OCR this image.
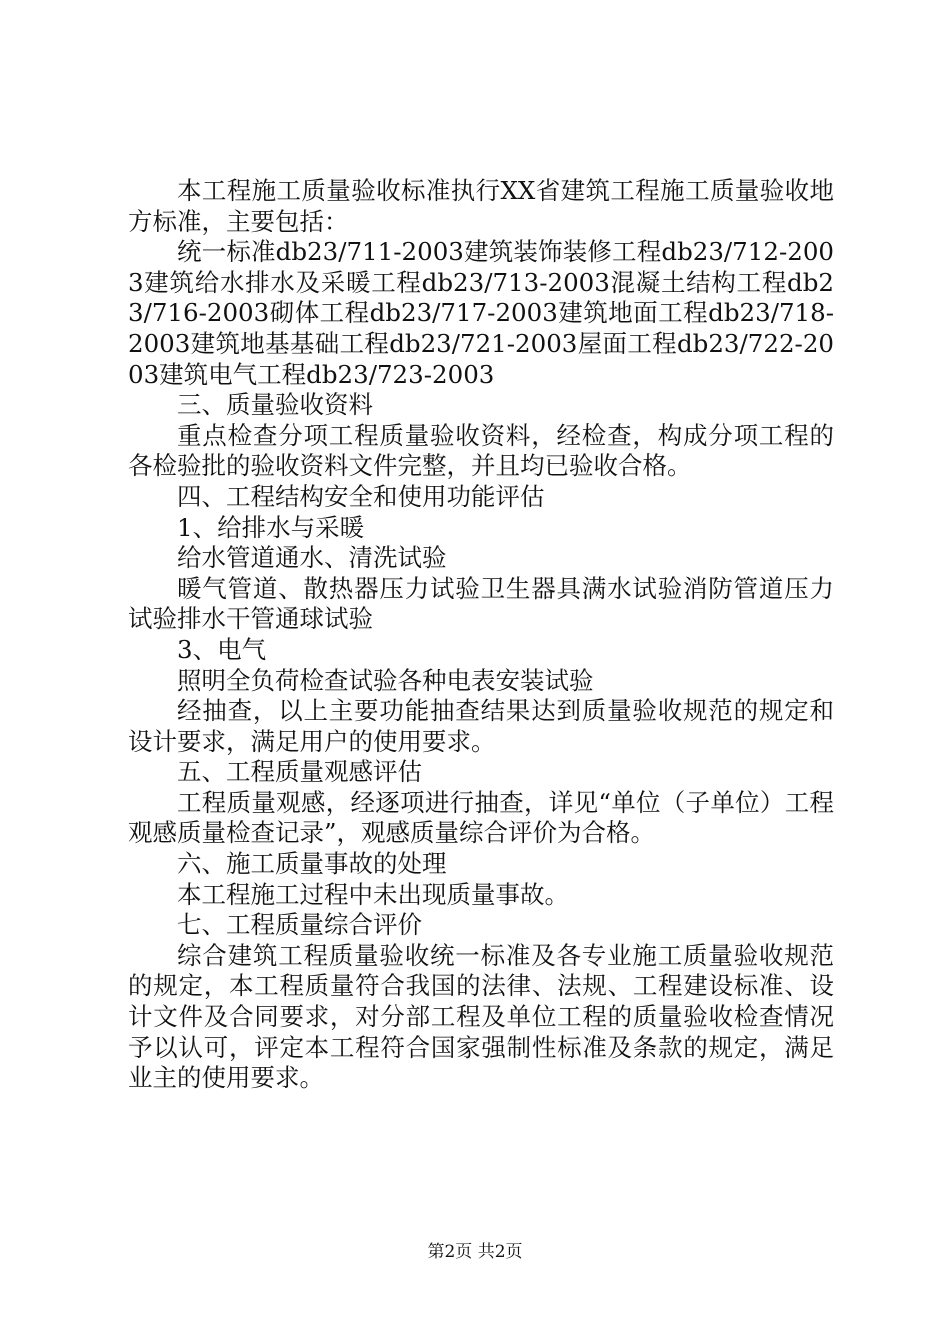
本工程施工质量验收标准执行XX省建筑工程施工质量验收地方标准，主要包括：

统一标准db23/711-2003建筑装饰装修工程db23/712-2003建筑给水排水及采暖工程db23/713-2003混凝土结构工程db23/716-2003砌体工程db23/717-2003建筑地面工程db23/718-2003建筑地基基础工程db23/721-2003屋面工程db23/722-2003建筑电气工程db23/723-2003

三、质量验收资料

重点检查分项工程质量验收资料，经检查，构成分项工程的各检验批的验收资料文件完整，并且均已验收合格。

四、工程结构安全和使用功能评估

1、给排水与采暖

给水管道通水、清洗试验

暖气管道、散热器压力试验卫生器具满水试验消防管道压力试验排水干管通球试验

3、电气

照明全负荷检查试验各种电表安装试验

经抽查，以上主要功能抽查结果达到质量验收规范的规定和设计要求，满足用户的使用要求。

五、工程质量观感评估

工程质量观感，经逐项进行抽查，详见“单位（子单位）工程观感质量检查记录”，观感质量综合评价为合格。

六、施工质量事故的处理

本工程施工过程中未出现质量事故。

七、工程质量综合评价

综合建筑工程质量验收统一标准及各专业施工质量验收规范的规定，本工程质量符合我国的法律、法规、工程建设标准、设计文件及合同要求，对分部工程及单位工程的质量验收检查情况予以认可，评定本工程符合国家强制性标准及条款的规定，满足业主的使用要求。

第2页 共2页
